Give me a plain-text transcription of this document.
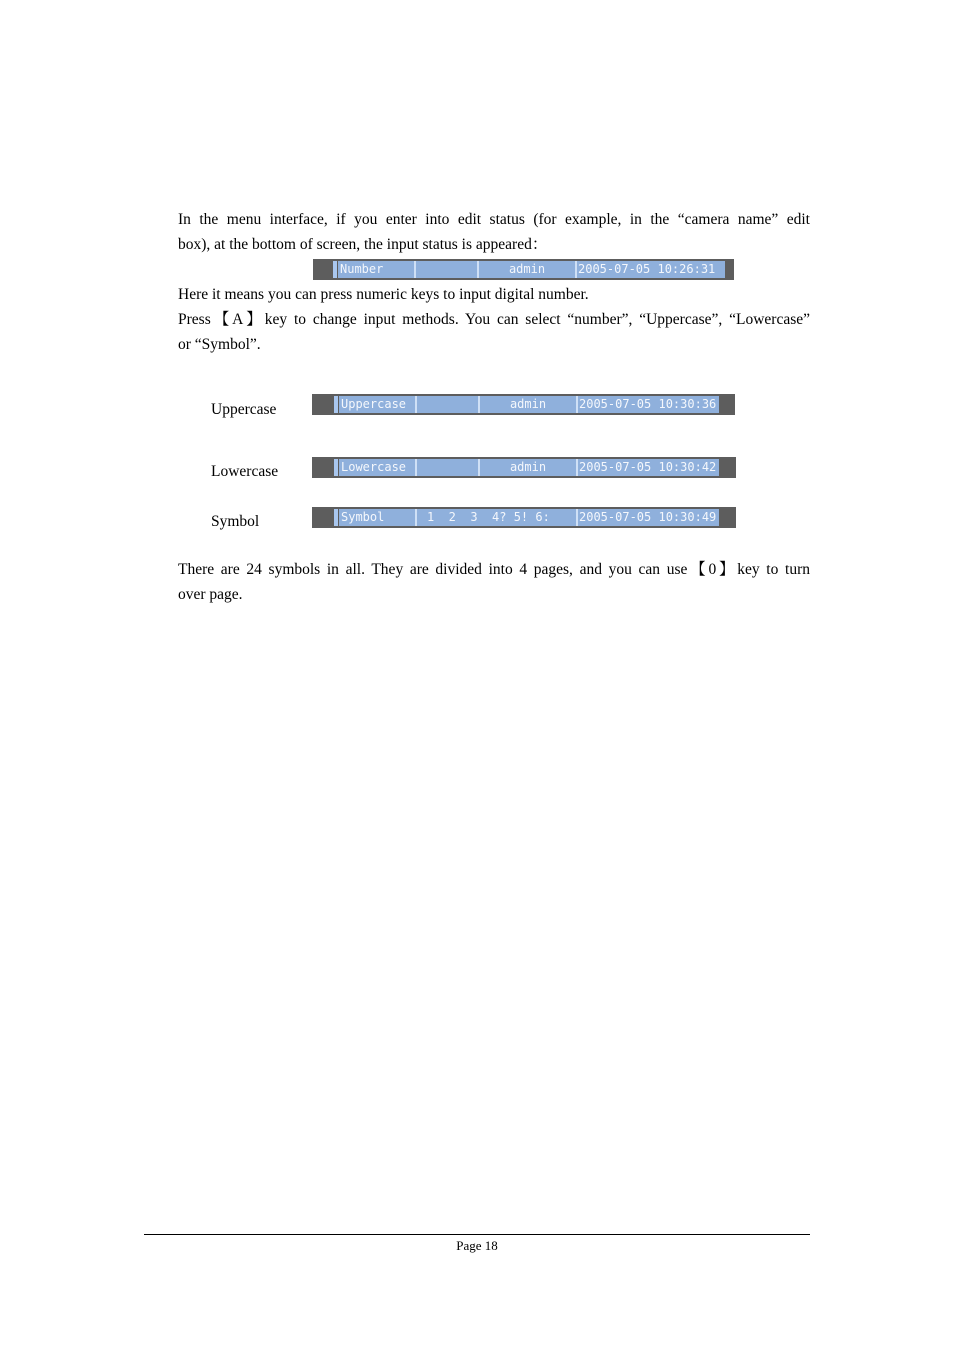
In the menu interface, if you enter into edit status (for example, in the “camera name” edit
box), at the bottom of screen, the input status is appeared：
Number	admin	2005-07-05 10:26:31
Here it means you can press numeric keys to input digital number.
Press【A】key to change input methods. You can select “number”, “Uppercase”, “Lowercase”
or “Symbol”.
Uppercase	Uppercase	admin	2005-07-05 10:30:36
Lowercase	Lowercase	admin	2005-07-05 10:30:42
Symbol	Symbol	1  2  3  4? 5! 6:	2005-07-05 10:30:49
There are 24 symbols in all. They are divided into 4 pages, and you can use【0】key to turn
over page.
Page 18
